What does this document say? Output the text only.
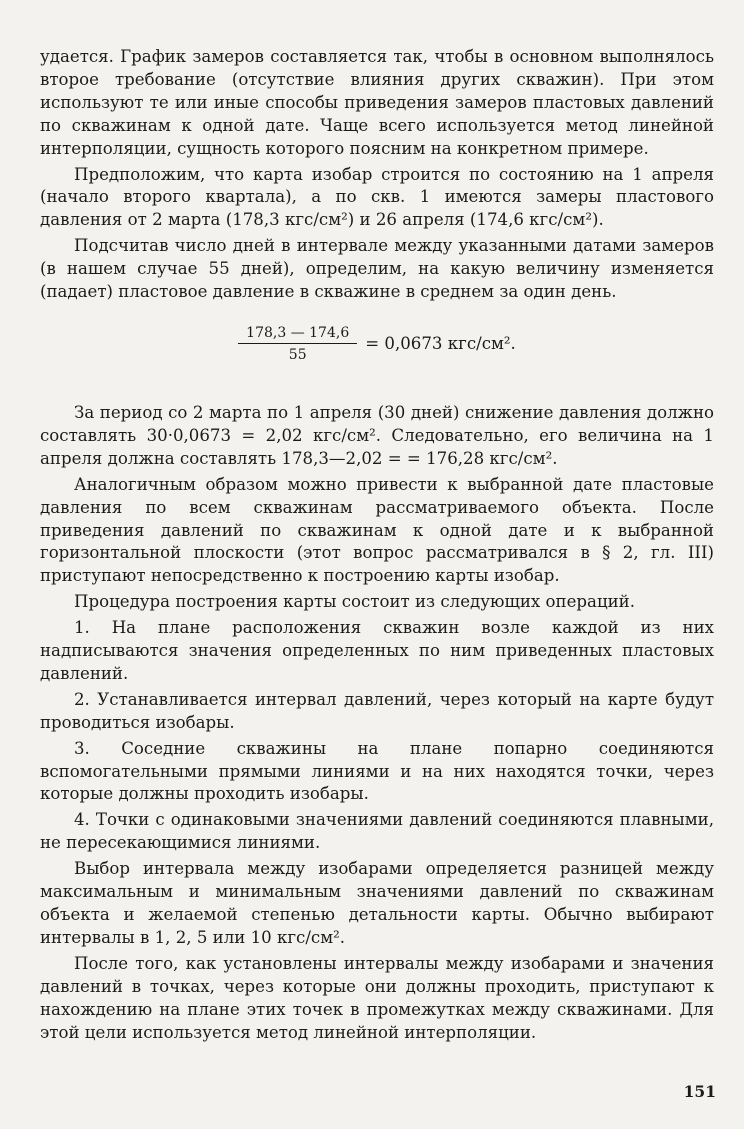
удается. График замеров составляется так, чтобы в основном выполнялось второе требование (отсутствие влияния других скважин). При этом используют те или иные способы приведения замеров пластовых давлений по скважинам к одной дате. Чаще всего используется метод линейной интерполяции, сущность которого поясним на конкретном примере.

Предположим, что карта изобар строится по состоянию на 1 апреля (начало второго квартала), а по скв. 1 имеются замеры пластового давления от 2 марта (178,3 кгс/см²) и 26 апреля (174,6 кгс/см²).

Подсчитав число дней в интервале между указанными датами замеров (в нашем случае 55 дней), определим, на какую величину изменяется (падает) пластовое давление в скважине в среднем за один день.

$\frac{178,3 — 174,6}{55} = 0,0673$ кгс/см².

За период со 2 марта по 1 апреля (30 дней) снижение давления должно составлять 30·0,0673 = 2,02 кгс/см². Следовательно, его величина на 1 апреля должна составлять 178,3—2,02 = = 176,28 кгс/см².

Аналогичным образом можно привести к выбранной дате пластовые давления по всем скважинам рассматриваемого объекта. После приведения давлений по скважинам к одной дате и к выбранной горизонтальной плоскости (этот вопрос рассматривался в § 2, гл. III) приступают непосредственно к построению карты изобар.

Процедура построения карты состоит из следующих операций.

1. На плане расположения скважин возле каждой из них надписываются значения определенных по ним приведенных пластовых давлений.

2. Устанавливается интервал давлений, через который на карте будут проводиться изобары.

3. Соседние скважины на плане попарно соединяются вспомогательными прямыми линиями и на них находятся точки, через которые должны проходить изобары.

4. Точки с одинаковыми значениями давлений соединяются плавными, не пересекающимися линиями.

Выбор интервала между изобарами определяется разницей между максимальным и минимальным значениями давлений по скважинам объекта и желаемой степенью детальности карты. Обычно выбирают интервалы в 1, 2, 5 или 10 кгс/см².

После того, как установлены интервалы между изобарами и значения давлений в точках, через которые они должны проходить, приступают к нахождению на плане этих точек в промежутках между скважинами. Для этой цели используется метод линейной интерполяции.

151
